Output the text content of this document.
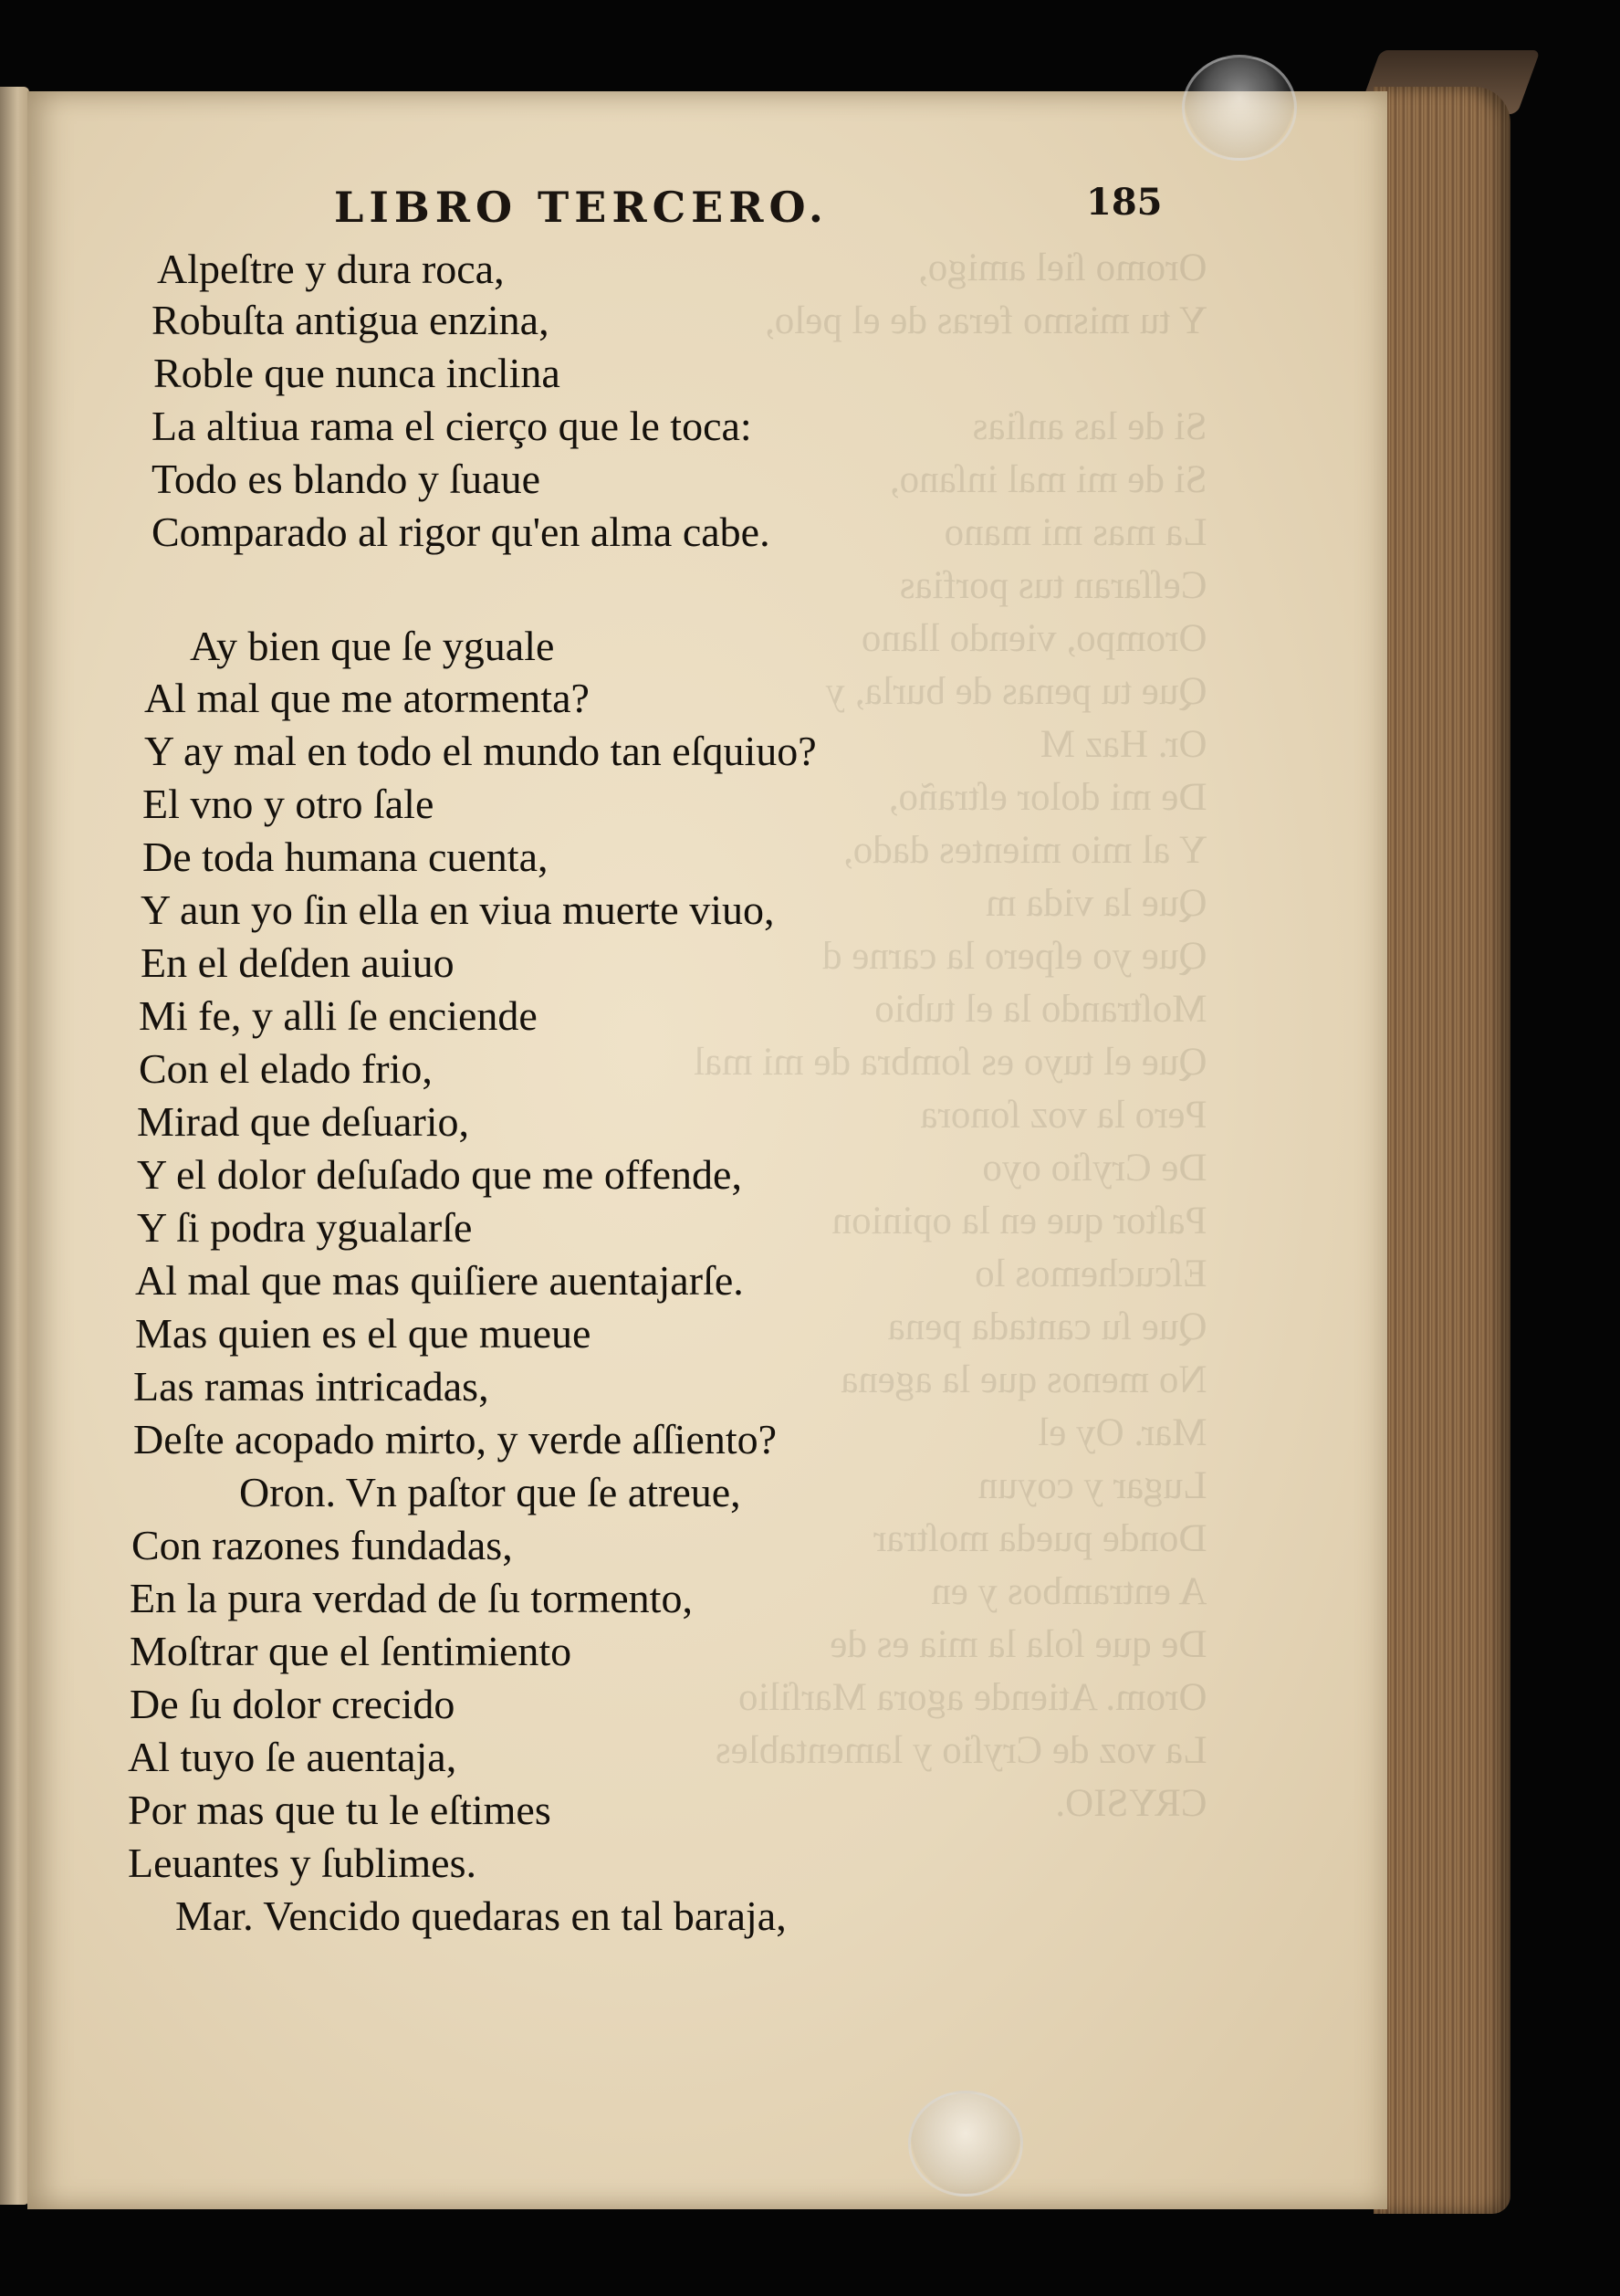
LIBRO TERCERO.	185
Oromo ſiel amigo,
Y tu mismo feras de el pelo,

Si de las anſias
Si de mi mal inſano,
La mas mi mano
Ceſſaran tus porfias
Orompo, viendo llano
Que tu penas de burla, y
Or. Haz M
De mi dolor eſtraño,
Y al mio mientes dado,
Que la vida m
Que yo eſpero la carne d
Moſtrando la el tubio
Que el tuyo es ſombra de mi mal
Pero la voz ſonora
De Cryſio oyo
Paſtor que en la opinion
Eſcuchemos lo
Que ſu cantada pena
No menos que la agena
Mar. Oy el
Lugar y coyun
Donde pueda moſtrar
A entrambos y en
De que ſola la mia es de
Orom. Atiende agora Marſilio
La voz de Cryſio y lamentables
CRYSIO.
Alpeſtre y dura roca,
Robuſta antigua enzina,
Roble que nunca inclina
La altiua rama el cierço que le toca:
Todo es blando y ſuaue
Comparado al rigor qu'en alma cabe.
Ay bien que ſe yguale
Al mal que me atormenta?
Y ay mal en todo el mundo tan eſquiuo?
El vno y otro ſale
De toda humana cuenta,
Y aun yo ſin ella en viua muerte viuo,
En el deſden auiuo
Mi fe, y alli ſe enciende
Con el elado frio,
Mirad que deſuario,
Y el dolor deſuſado que me offende,
Y ſi podra ygualarſe
Al mal que mas quiſiere auentajarſe.
Mas quien es el que mueue
Las ramas intricadas,
Deſte acopado mirto, y verde aſſiento?
Oron. Vn paſtor que ſe atreue,
Con razones fundadas,
En la pura verdad de ſu tormento,
Moſtrar que el ſentimiento
De ſu dolor crecido
Al tuyo ſe auentaja,
Por mas que tu le eſtimes
Leuantes y ſublimes.
Mar. Vencido quedaras en tal baraja,
